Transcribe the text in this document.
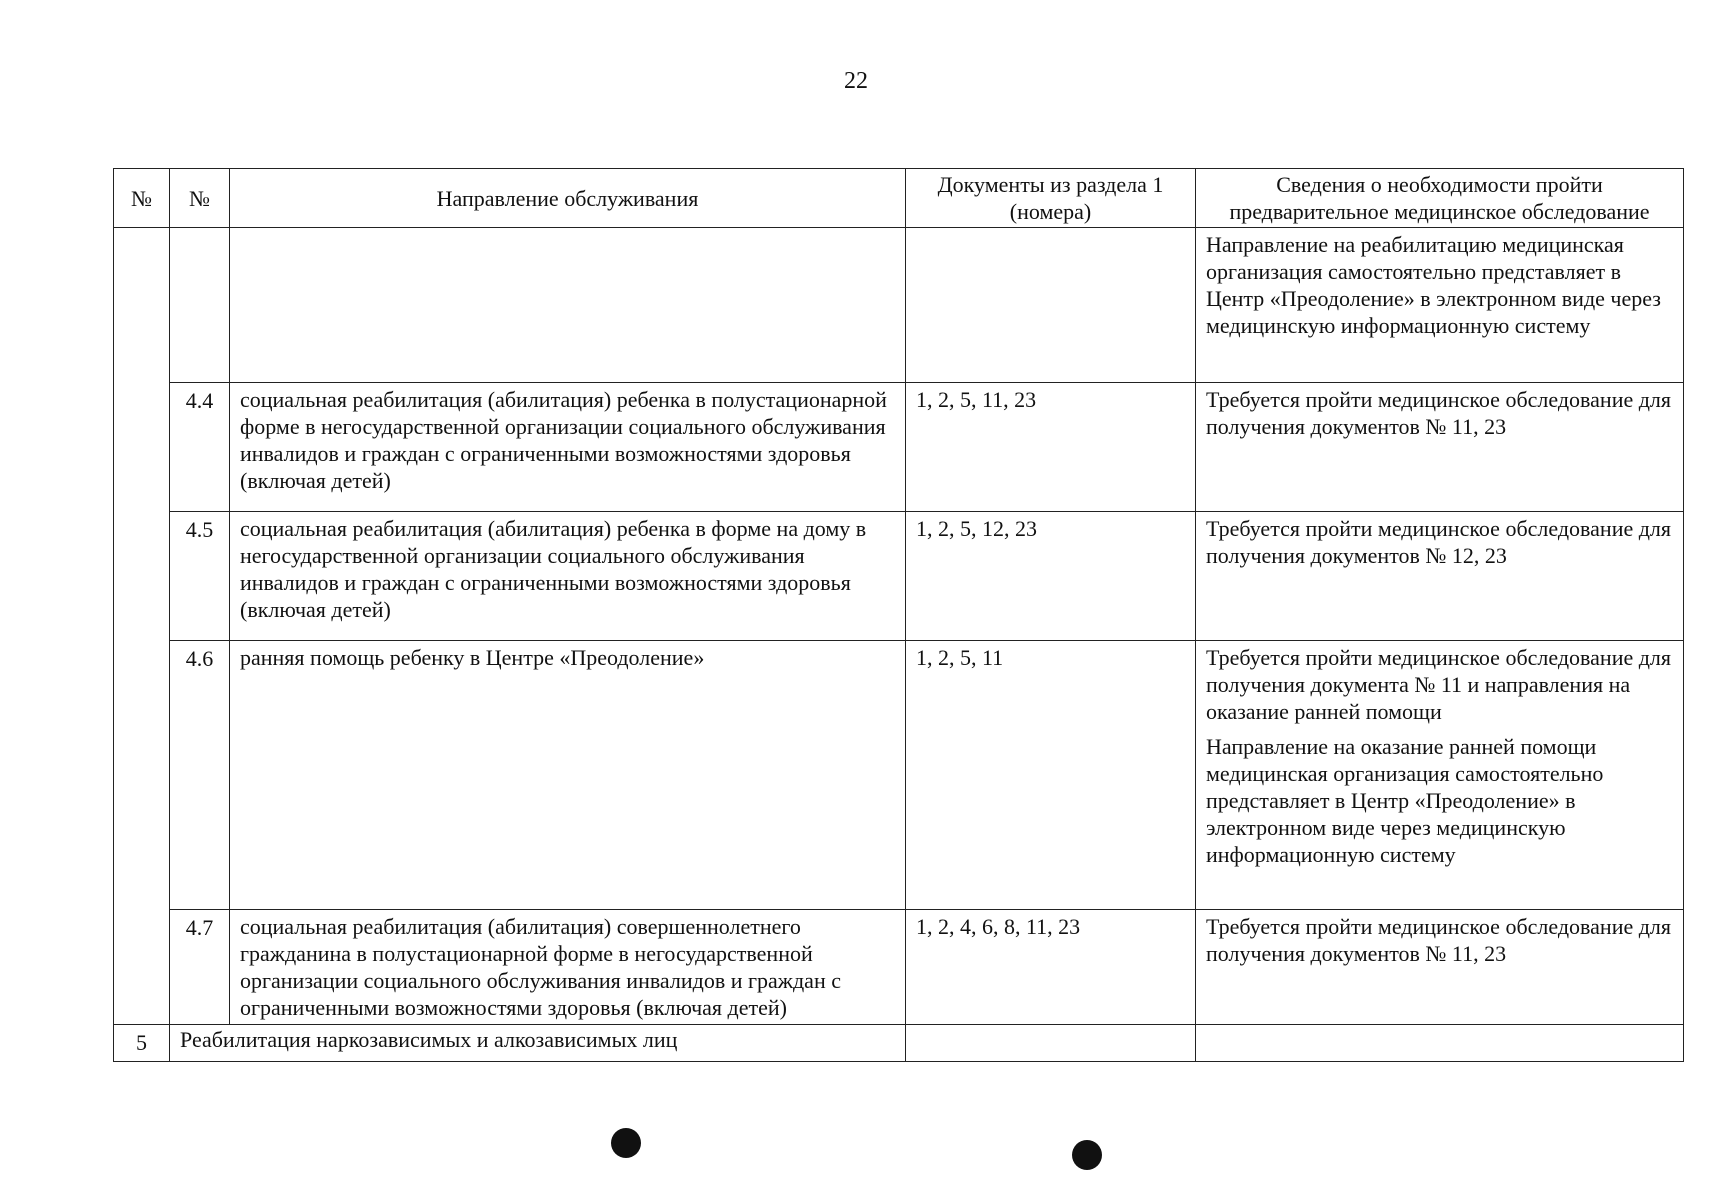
22
№	№	Направление обслуживания	Документы из раздела 1 (номера)	Сведения о необходимости пройти предварительное медицинское обследование

				Направление на реабилитацию медицинская организация самостоятельно представляет в Центр «Преодоление» в электронном виде через медицинскую информационную систему

	4.4	социальная реабилитация (абилитация) ребенка в полустационарной форме в негосударственной организации социального обслуживания инвалидов и граждан с ограниченными возможностями здоровья (включая детей)	1, 2, 5, 11, 23	Требуется пройти медицинское обследование для получения документов № 11, 23
	4.5	социальная реабилитация (абилитация) ребенка в форме на дому в негосударственной организации социального обслуживания инвалидов и граждан с ограниченными возможностями здоровья (включая детей)	1, 2, 5, 12, 23	Требуется пройти медицинское обследование для получения документов № 12, 23
	4.6	ранняя помощь ребенку в Центре «Преодоление»	1, 2, 5, 11	Требуется пройти медицинское обследование для получения документа № 11 и направления на оказание ранней помощи

Направление на оказание ранней помощи медицинская организация самостоятельно представляет в Центр «Преодоление» в электронном виде через медицинскую информационную систему

	4.7	социальная реабилитация (абилитация) совершеннолетнего гражданина в полустационарной форме в негосударственной организации социального обслуживания инвалидов и граждан с ограниченными возможностями здоровья (включая детей)	1, 2, 4, 6, 8, 11, 23	Требуется пройти медицинское обследование для получения документов № 11, 23
5	Реабилитация наркозависимых и алкозависимых лиц			
